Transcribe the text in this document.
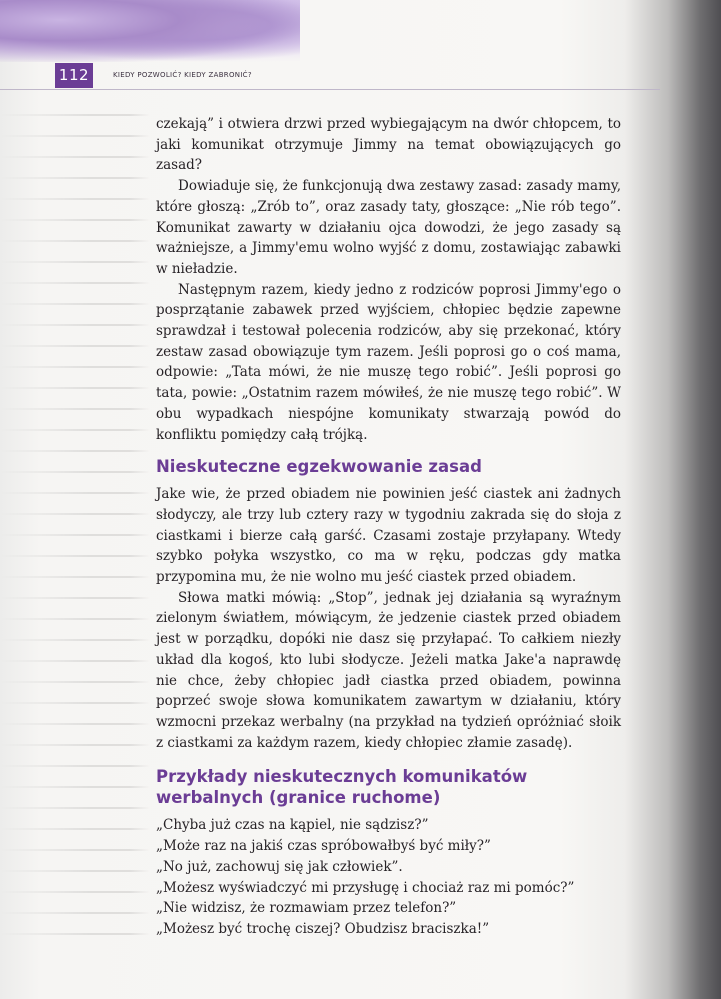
112	KIEDY POZWOLIĆ? KIEDY ZABRONIĆ?

czekają” i otwiera drzwi przed wybiegającym na dwór chłopcem, to jaki komunikat otrzymuje Jimmy na temat obowiązujących go zasad?

Dowiaduje się, że funkcjonują dwa zestawy zasad: zasady mamy, które głoszą: „Zrób to”, oraz zasady taty, głoszące: „Nie rób tego”. Komunikat zawarty w działaniu ojca dowodzi, że jego zasady są ważniejsze, a Jimmy'emu wolno wyjść z domu, zostawiając zabawki w nieładzie.

Następnym razem, kiedy jedno z rodziców poprosi Jimmy'ego o posprzątanie zabawek przed wyjściem, chłopiec będzie zapewne sprawdzał i testował polecenia rodziców, aby się przekonać, który zestaw zasad obowiązuje tym razem. Jeśli poprosi go o coś mama, odpowie: „Tata mówi, że nie muszę tego robić”. Jeśli poprosi go tata, powie: „Ostatnim razem mówiłeś, że nie muszę tego robić”. W obu wypadkach niespójne komunikaty stwarzają powód do konfliktu pomiędzy całą trójką.

Nieskuteczne egzekwowanie zasad

Jake wie, że przed obiadem nie powinien jeść ciastek ani żadnych słodyczy, ale trzy lub cztery razy w tygodniu zakrada się do słoja z ciastkami i bierze całą garść. Czasami zostaje przyłapany. Wtedy szybko połyka wszystko, co ma w ręku, podczas gdy matka przypomina mu, że nie wolno mu jeść ciastek przed obiadem.

Słowa matki mówią: „Stop”, jednak jej działania są wyraźnym zielonym światłem, mówiącym, że jedzenie ciastek przed obiadem jest w porządku, dopóki nie dasz się przyłapać. To całkiem niezły układ dla kogoś, kto lubi słodycze. Jeżeli matka Jake'a naprawdę nie chce, żeby chłopiec jadł ciastka przed obiadem, powinna poprzeć swoje słowa komunikatem zawartym w działaniu, który wzmocni przekaz werbalny (na przykład na tydzień opróżniać słoik z ciastkami za każdym razem, kiedy chłopiec złamie zasadę).

Przykłady nieskutecznych komunikatów werbalnych (granice ruchome)
„Chyba już czas na kąpiel, nie sądzisz?”
„Może raz na jakiś czas spróbowałbyś być miły?”
„No już, zachowuj się jak człowiek”.
„Możesz wyświadczyć mi przysługę i chociaż raz mi pomóc?”
„Nie widzisz, że rozmawiam przez telefon?”
„Możesz być trochę ciszej? Obudzisz braciszka!”
